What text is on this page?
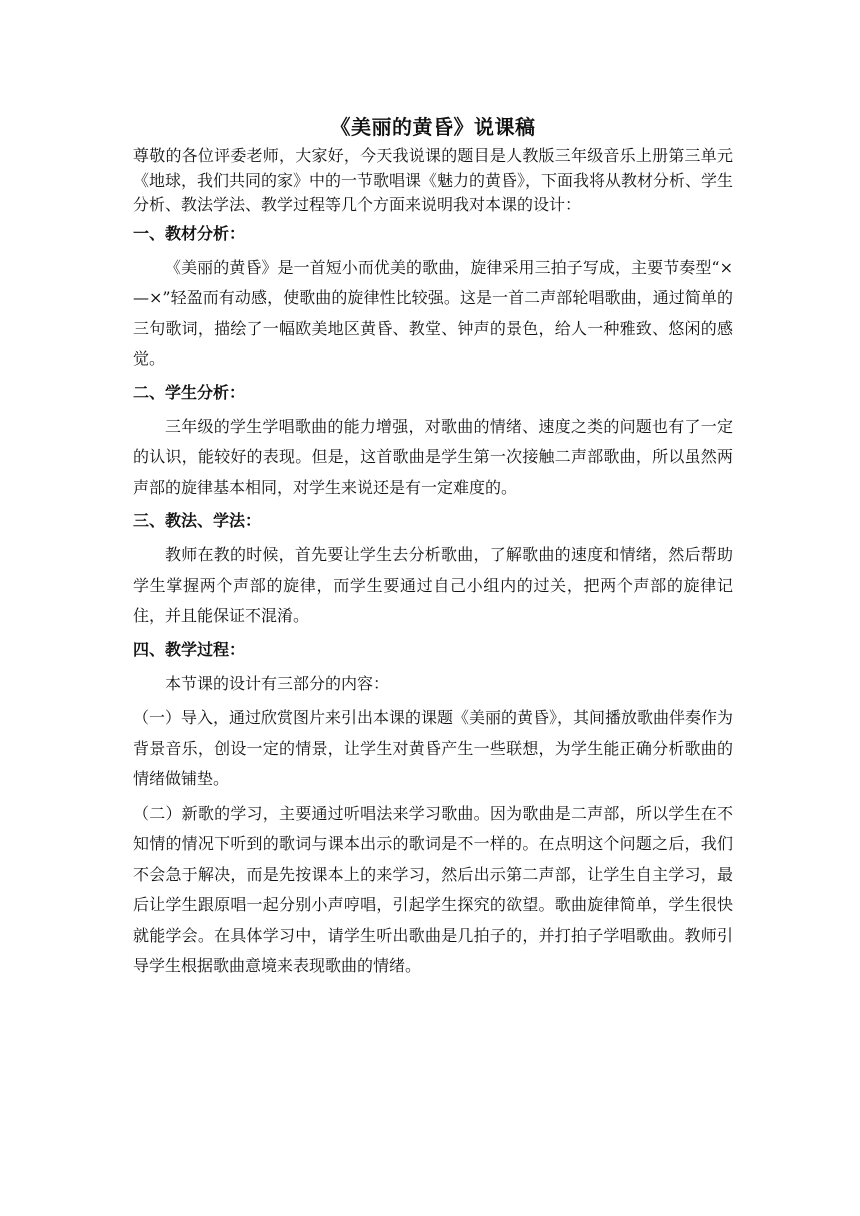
《美丽的黄昏》说课稿
尊敬的各位评委老师，大家好，今天我说课的题目是人教版三年级音乐上册第三单元《地球，我们共同的家》中的一节歌唱课《魅力的黄昏》，下面我将从教材分析、学生分析、教法学法、教学过程等几个方面来说明我对本课的设计：
一、教材分析：
《美丽的黄昏》是一首短小而优美的歌曲，旋律采用三拍子写成，主要节奏型“×—×”轻盈而有动感，使歌曲的旋律性比较强。这是一首二声部轮唱歌曲，通过简单的三句歌词，描绘了一幅欧美地区黄昏、教堂、钟声的景色，给人一种雅致、悠闲的感觉。
二、学生分析：
三年级的学生学唱歌曲的能力增强，对歌曲的情绪、速度之类的问题也有了一定的认识，能较好的表现。但是，这首歌曲是学生第一次接触二声部歌曲，所以虽然两声部的旋律基本相同，对学生来说还是有一定难度的。
三、教法、学法：
教师在教的时候，首先要让学生去分析歌曲，了解歌曲的速度和情绪，然后帮助学生掌握两个声部的旋律，而学生要通过自己小组内的过关，把两个声部的旋律记住，并且能保证不混淆。
四、教学过程：
本节课的设计有三部分的内容：
（一）导入，通过欣赏图片来引出本课的课题《美丽的黄昏》，其间播放歌曲伴奏作为背景音乐，创设一定的情景，让学生对黄昏产生一些联想，为学生能正确分析歌曲的情绪做铺垫。
（二）新歌的学习，主要通过听唱法来学习歌曲。因为歌曲是二声部，所以学生在不知情的情况下听到的歌词与课本出示的歌词是不一样的。在点明这个问题之后，我们不会急于解决，而是先按课本上的来学习，然后出示第二声部，让学生自主学习，最后让学生跟原唱一起分别小声哼唱，引起学生探究的欲望。歌曲旋律简单，学生很快就能学会。在具体学习中，请学生听出歌曲是几拍子的，并打拍子学唱歌曲。教师引导学生根据歌曲意境来表现歌曲的情绪。
